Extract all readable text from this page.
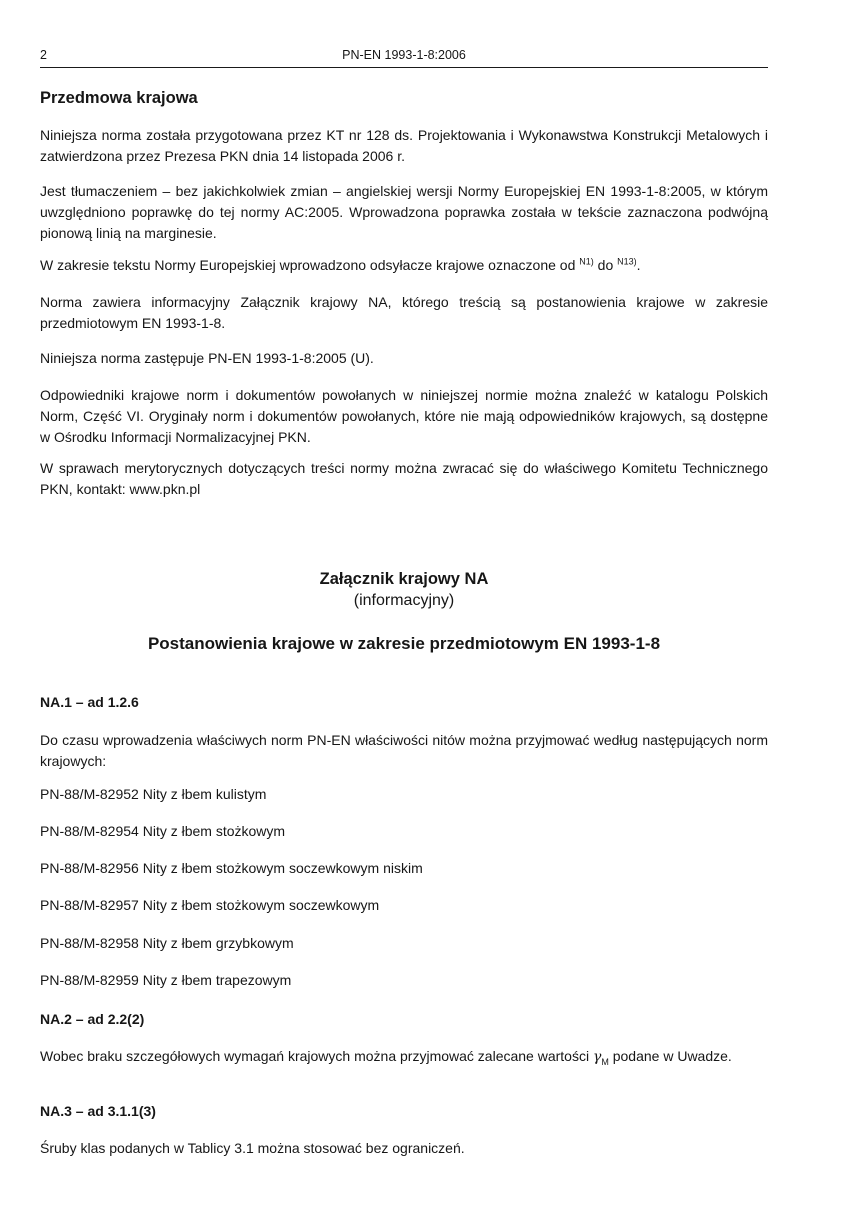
2	PN-EN 1993-1-8:2006
Przedmowa krajowa

Niniejsza norma została przygotowana przez KT nr 128 ds. Projektowania i Wykonawstwa Konstrukcji Metalowych i zatwierdzona przez Prezesa PKN dnia 14 listopada 2006 r.

Jest tłumaczeniem – bez jakichkolwiek zmian – angielskiej wersji Normy Europejskiej EN 1993-1-8:2005, w którym uwzględniono poprawkę do tej normy AC:2005. Wprowadzona poprawka została w tekście zaznaczona podwójną pionową linią na marginesie.

W zakresie tekstu Normy Europejskiej wprowadzono odsyłacze krajowe oznaczone od $^{N1)}$ do $^{N13)}$.

Norma zawiera informacyjny Załącznik krajowy NA, którego treścią są postanowienia krajowe w zakresie przedmiotowym EN 1993-1-8.

Niniejsza norma zastępuje PN-EN 1993-1-8:2005 (U).

Odpowiedniki krajowe norm i dokumentów powołanych w niniejszej normie można znaleźć w katalogu Polskich Norm, Część VI. Oryginały norm i dokumentów powołanych, które nie mają odpowiedników krajowych, są dostępne w Ośrodku Informacji Normalizacyjnej PKN.

W sprawach merytorycznych dotyczących treści normy można zwracać się do właściwego Komitetu Technicznego PKN, kontakt: www.pkn.pl

Załącznik krajowy NA

(informacyjny)

Postanowienia krajowe w zakresie przedmiotowym EN 1993-1-8

NA.1 – ad 1.2.6

Do czasu wprowadzenia właściwych norm PN-EN właściwości nitów można przyjmować według następujących norm krajowych:

PN-88/M-82952 Nity z łbem kulistym

PN-88/M-82954 Nity z łbem stożkowym

PN-88/M-82956 Nity z łbem stożkowym soczewkowym niskim

PN-88/M-82957 Nity z łbem stożkowym soczewkowym

PN-88/M-82958 Nity z łbem grzybkowym

PN-88/M-82959 Nity z łbem trapezowym

NA.2 – ad 2.2(2)

Wobec braku szczegółowych wymagań krajowych można przyjmować zalecane wartości $\gamma_M$ podane w Uwadze.

NA.3 – ad 3.1.1(3)

Śruby klas podanych w Tablicy 3.1 można stosować bez ograniczeń.
